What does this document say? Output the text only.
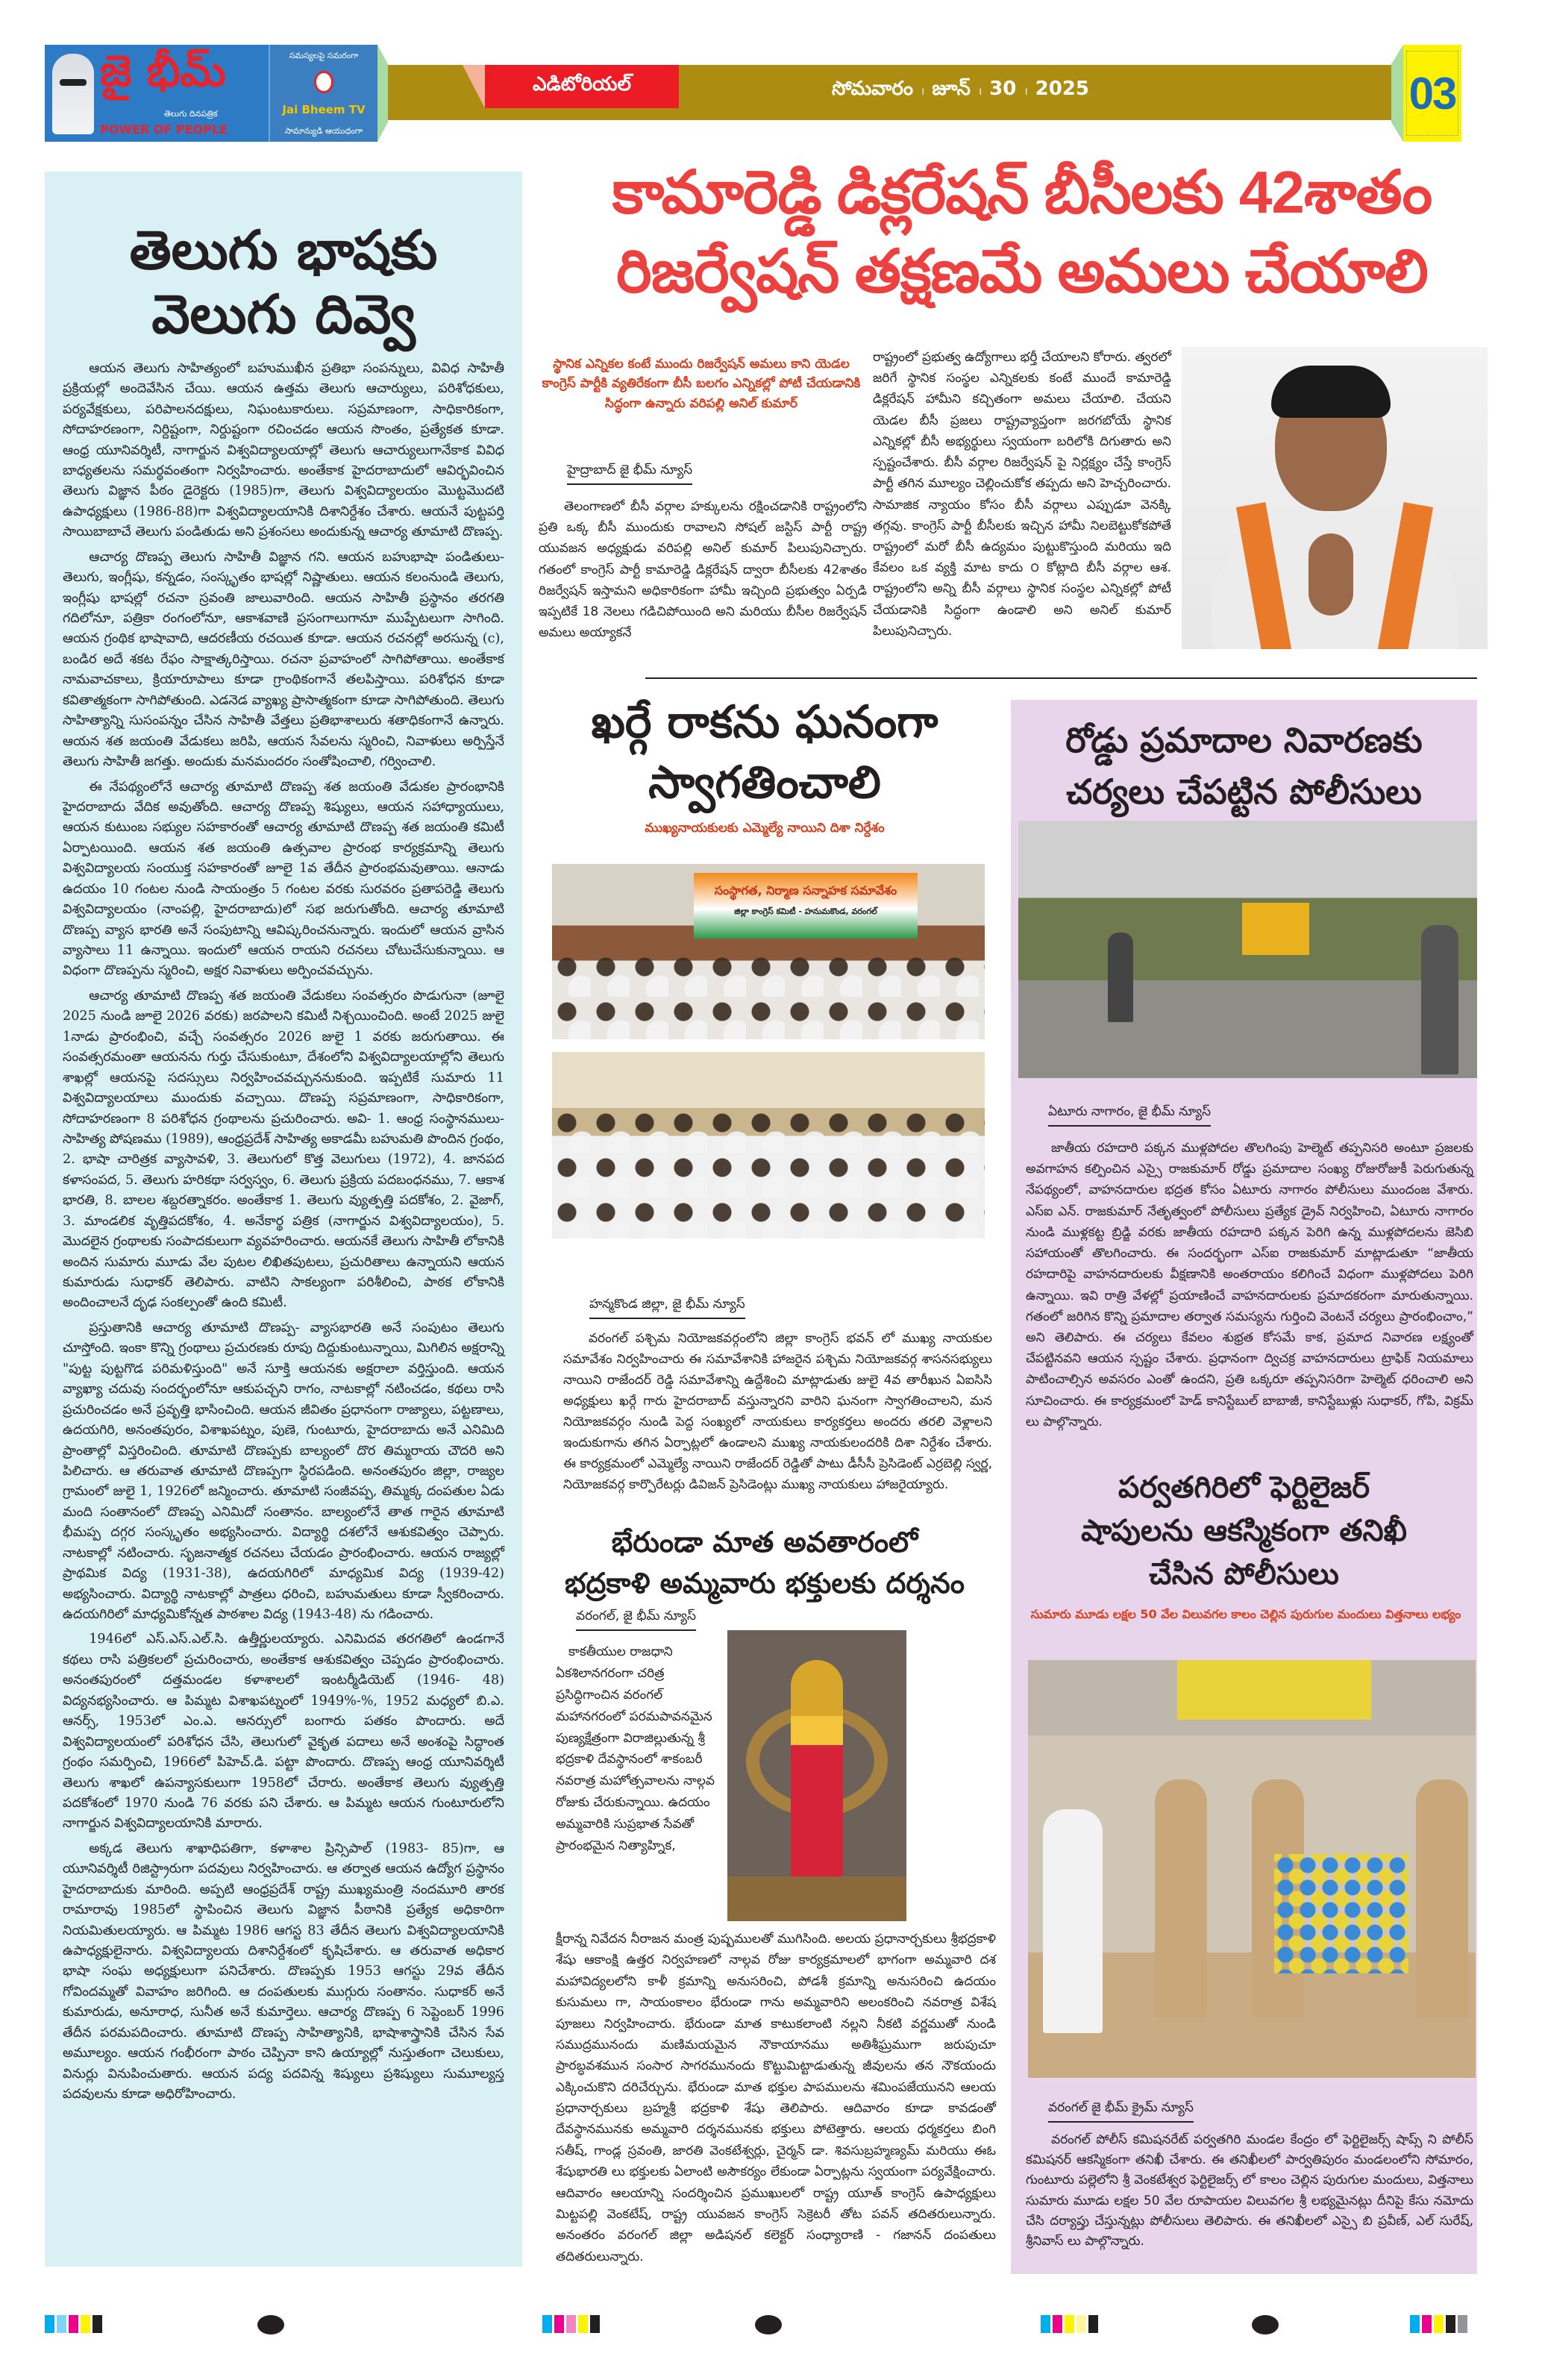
జై భీమ్
తెలుగు దినపత్రిక
POWER OF PEOPLE
సమస్యలపై సమరంగా
Jai Bheem TV
సామాన్యుడి ఆయుధంగా
ఎడిటోరియల్	సోమవారం । జూన్ । 30 । 2025	03
తెలుగు భాషకు
వెలుగు దివ్వె

ఆయన తెలుగు సాహిత్యంలో బహుముఖీన ప్రతిభా సంపన్నులు, వివిధ సాహితీ ప్రక్రియల్లో అందెవేసిన చేయి. ఆయన ఉత్తమ తెలుగు ఆచార్యులు, పరిశోధకులు, పర్యవేక్షకులు, పరిపాలనదక్షులు, నిఘంటుకారులు. సప్రమాణంగా, సాధికారికంగా, సోదాహరణంగా, నిర్దిష్టంగా, నిర్దుష్టంగా రచించడం ఆయన సొంతం, ప్రత్యేకత కూడా. ఆంధ్ర యూనివర్శిటీ, నాగార్జున విశ్వవిద్యాలయాల్లో తెలుగు ఆచార్యులుగానేకాక వివిధ బాధ్యతలను సమర్థవంతంగా నిర్వహించారు. అంతేకాక హైదరాబాదులో ఆవిర్భవించిన తెలుగు విజ్ఞాన పీఠం డైరెక్టరు (1985)గా, తెలుగు విశ్వవిద్యాలయం మొట్టమొదటి ఉపాధ్యక్షులు (1986-88)గా విశ్వవిద్యాలయానికి దిశానిర్దేశం చేశారు. ఆయనే పుట్టపర్తి సాయిబాబాచే తెలుగు పండితుడు అని ప్రశంసలు అందుకున్న ఆచార్య తూమాటి దొణప్ప.

ఆచార్య దొణప్ప తెలుగు సాహితీ విజ్ఞాన గని. ఆయన బహుభాషా పండితులు- తెలుగు, ఇంగ్లీషు, కన్నడం, సంస్కృతం భాషల్లో నిష్ణాతులు. ఆయన కలంనుండి తెలుగు, ఇంగ్లీషు భాషల్లో రచనా స్రవంతి జాలువారింది. ఆయన సాహితీ ప్రస్థానం తరగతి గదిలోనూ, పత్రికా రంగంలోనూ, ఆకాశవాణి ప్రసంగాలుగానూ ముప్పేటలుగా సాగింది. ఆయన గ్రంథిక భాషావాది, ఆదరణీయ రచయిత కూడా. ఆయన రచనల్లో అరసున్న (c), బండిర అదే శకట రేఫం సాక్షాత్కరిస్తాయి. రచనా ప్రవాహంలో సాగిపోతాయి. అంతేకాక నామవాచకాలు, క్రియారూపాలు కూడా గ్రాంథికంగానే తలపిస్తాయి. పరిశోధన కూడా కవితాత్మకంగా సాగిపోతుంది. ఎడనెడ వ్యాఖ్య ప్రాసాత్మకంగా కూడా సాగిపోతుంది. తెలుగు సాహిత్యాన్ని సుసంపన్నం చేసిన సాహితీ వేత్తలు ప్రతిభాశాలురు శతాధికంగానే ఉన్నారు. ఆయన శత జయంతి వేడుకలు జరిపి, ఆయన సేవలను స్మరించి, నివాళులు అర్పిస్తేనే తెలుగు సాహితీ జగత్తు. అందుకు మనమందరం సంతోషించాలి, గర్వించాలి.

ఈ నేపథ్యంలోనే ఆచార్య తూమాటి దొణప్ప శత జయంతి వేడుకల ప్రారంభానికి హైదరాబాదు వేదిక అవుతోంది. ఆచార్య దొణప్ప శిష్యులు, ఆయన సహాధ్యాయులు, ఆయన కుటుంబ సభ్యుల సహకారంతో ఆచార్య తూమాటి దొణప్ప శత జయంతి కమిటీ ఏర్పాటయింది. ఆయన శత జయంతి ఉత్సవాల ప్రారంభ కార్యక్రమాన్ని తెలుగు విశ్వవిద్యాలయ సంయుక్త సహకారంతో జూలై 1వ తేదీన ప్రారంభమవుతాయి. ఆనాడు ఉదయం 10 గంటల నుండి సాయంత్రం 5 గంటల వరకు సురవరం ప్రతాపరెడ్డి తెలుగు విశ్వవిద్యాలయం (నాంపల్లి, హైదరాబాదు)లో సభ జరుగుతోంది. ఆచార్య తూమాటి దొణప్ప వ్యాస భారతి అనే సంపుటాన్ని ఆవిష్కరించనున్నారు. ఇందులో ఆయన వ్రాసిన వ్యాసాలు 11 ఉన్నాయి. ఇందులో ఆయన రాయని రచనలు చోటుచేసుకున్నాయి. ఆ విధంగా దొణప్పను స్మరించి, అక్షర నివాళులు అర్పించవచ్చును.

ఆచార్య తూమాటి దొణప్ప శత జయంతి వేడుకలు సంవత్సరం పొడుగునా (జూలై 2025 నుండి జూలై 2026 వరకు) జరపాలని కమిటీ నిశ్చయించింది. అంటే 2025 జులై 1నాడు ప్రారంభించి, వచ్చే సంవత్సరం 2026 జులై 1 వరకు జరుగుతాయి. ఈ సంవత్సరమంతా ఆయనను గుర్తు చేసుకుంటూ, దేశంలోని విశ్వవిద్యాలయాల్లోని తెలుగు శాఖల్లో ఆయనపై సదస్సులు నిర్వహించవచ్చుననుకుంది. ఇప్పటికే సుమారు 11 విశ్వవిద్యాలయాలు ముందుకు వచ్చాయి. దొణప్ప సప్రమాణంగా, సాధికారికంగా, సోదాహరణంగా 8 పరిశోధన గ్రంథాలను ప్రచురించారు. అవి- 1. ఆంధ్ర సంస్థానములు-సాహిత్య పోషణము (1989), ఆంధ్రప్రదేశ్ సాహిత్య అకాడమీ బహుమతి పొందిన గ్రంథం, 2. భాషా చారిత్రక వ్యాసావళి, 3. తెలుగులో కొత్త వెలుగులు (1972), 4. జానపద కళాసంపద, 5. తెలుగు హరికథా సర్వస్వం, 6. తెలుగు ప్రక్రియ పదబంధనము, 7. ఆకాశ భారతి, 8. బాలల శబ్దరత్నాకరం. అంతేకాక 1. తెలుగు వ్యుత్పత్తి పదకోశం, 2. వైజాగ్, 3. మాండలిక వృత్తిపదకోశం, 4. అనేకార్థ పత్రిక (నాగార్జున విశ్వవిద్యాలయం), 5. మొదలైన గ్రంథాలకు సంపాదకులుగా వ్యవహరించారు. ఆయనకే తెలుగు సాహితీ లోకానికి అందిన సుమారు మూడు వేల పుటల లిఖితపుటలు, ప్రచురితాలు ఉన్నాయని ఆయన కుమారుడు సుధాకర్ తెలిపారు. వాటిని సాకల్యంగా పరిశీలించి, పాఠక లోకానికి అందించాలనే దృఢ సంకల్పంతో ఉంది కమిటీ.

ప్రస్తుతానికి ఆచార్య తూమాటి దొణప్ప- వ్యాసభారతి అనే సంపుటం తెలుగు చూస్తోంది. ఇంకా కొన్ని గ్రంథాలు ప్రచురణకు రూపు దిద్దుకుంటున్నాయి, మిగిలిన అక్షరాన్ని "పుట్ట పుట్టగొడ పరిమళిస్తుంది" అనే సూక్తి ఆయనకు అక్షరాలా వర్తిస్తుంది. ఆయన వ్యాఖ్యా చదువు సందర్భంలోనూ ఆకుపచ్చని రాగం, నాటకాల్లో నటించడం, కథలు రాసి ప్రచురించడం అనే ప్రవృత్తి భాసించింది. ఆయన జీవితం ప్రధానంగా రాజ్యాలు, పట్టణాలు, ఉదయగిరి, అనంతపురం, విశాఖపట్నం, పుణె, గుంటూరు, హైదరాబాదు అనే ఎనిమిది ప్రాంతాల్లో విస్తరించింది. తూమాటి దొణప్పకు బాల్యంలో దొర తిమ్మరాయ చౌదరి అని పిలిచారు. ఆ తరువాత తూమాటి దొణప్పగా స్థిరపడింది. అనంతపురం జిల్లా, రాజ్యల గ్రామంలో జులై 1, 1926లో జన్మించారు. తూమాటి సంజీవప్ప, తిమ్మక్క దంపతుల ఏడు మంది సంతానంలో దొణప్ప ఎనిమిదో సంతానం. బాల్యంలోనే తాత గారైన తూమాటి భీమప్ప దగ్గర సంస్కృతం అభ్యసించారు. విద్యార్థి దశలోనే ఆశుకవిత్వం చెప్పారు. నాటకాల్లో నటించారు. సృజనాత్మక రచనలు చేయడం ప్రారంభించారు. ఆయన రాజ్యల్లో ప్రాథమిక విద్య (1931-38), ఉదయగిరిలో మాధ్యమిక విద్య (1939-42) అభ్యసించారు. విద్యార్థి నాటకాల్లో పాత్రలు ధరించి, బహుమతులు కూడా స్వీకరించారు. ఉదయగిరిలో మాధ్యమికోన్నత పాఠశాల విద్య (1943-48) ను గడించారు.

1946లో ఎస్.ఎస్.ఎల్.సి. ఉత్తీర్ణులయ్యారు. ఎనిమిదవ తరగతిలో ఉండగానే కథలు రాసి పత్రికలలో ప్రచురించారు, అంతేకాక ఆశుకవిత్వం చెప్పడం ప్రారంభించారు. అనంతపురంలో దత్తమండల కళాశాలలో ఇంటర్మీడియెట్ (1946- 48) విద్యనభ్యసించారు. ఆ పిమ్మట విశాఖపట్నంలో 1949%-%, 1952 మధ్యలో బి.ఎ. ఆనర్స్, 1953లో ఎం.ఎ. ఆనర్సులో బంగారు పతకం పొందారు. అదే విశ్వవిద్యాలయంలో పరిశోధన చేసి, తెలుగులో వైకృత పదాలు అనే అంశంపై సిద్ధాంత గ్రంథం సమర్పించి, 1966లో పిహెచ్.డి. పట్టా పొందారు. దొణప్ప ఆంధ్ర యూనివర్శిటీ తెలుగు శాఖలో ఉపన్యాసకులుగా 1958లో చేరారు. అంతేకాక తెలుగు వ్యుత్పత్తి పదకోశంలో 1970 నుండి 76 వరకు పని చేశారు. ఆ పిమ్మట ఆయన గుంటూరులోని నాగార్జున విశ్వవిద్యాలయానికి మారారు.

అక్కడ తెలుగు శాఖాధిపతిగా, కళాశాల ప్రిన్సిపాల్ (1983- 85)గా, ఆ యూనివర్శిటీ రిజిస్ట్రారుగా పదవులు నిర్వహించారు. ఆ తర్వాత ఆయన ఉద్యోగ ప్రస్థానం హైదరాబాదుకు మారింది. అప్పటి ఆంధ్రప్రదేశ్ రాష్ట్ర ముఖ్యమంత్రి నందమూరి తారక రామారావు 1985లో స్థాపించిన తెలుగు విజ్ఞాన పీఠానికి ప్రత్యేక అధికారిగా నియమితులయ్యారు. ఆ పిమ్మట 1986 ఆగస్ట 83 తేదీన తెలుగు విశ్వవిద్యాలయానికి ఉపాధ్యక్షులైనారు. విశ్వవిద్యాలయ దిశానిర్దేశంలో కృషిచేశారు. ఆ తరువాత అధికార భాషా సంఘ అధ్యక్షులుగా పనిచేశారు. దొణప్పకు 1953 ఆగస్టు 29వ తేదీన గోవిందమ్మతో వివాహం జరిగింది. ఆ దంపతులకు ముగ్గురు సంతానం. సుధాకర్ అనే కుమారుడు, అనూరాధ, సునీత అనే కుమార్తెలు. ఆచార్య దొణప్ప 6 సెప్టెంబర్ 1996 తేదీన పరమపదించారు. తూమాటి దొణప్ప సాహిత్యానికి, భాషాశాస్త్రానికి చేసిన సేవ అమూల్యం. ఆయన గంభీరంగా పాఠం చెప్పినా కాని ఉయ్యాల్లో నుస్తుతంగా చెలుకులు, వినుర్లు వినుపించుతారు. ఆయన పద్య పదవిన్న శిష్యులు ప్రశిష్యులు సుమూల్యస్త పదవులను కూడా అధిరోహించారు.

కామారెడ్డి డిక్లరేషన్ బీసీలకు 42శాతం
రిజర్వేషన్ తక్షణమే అమలు చేయాలి
స్థానిక ఎన్నికల కంటే ముందు రిజర్వేషన్ అమలు కాని యెడల కాంగ్రెస్ పార్టీకి వ్యతిరేకంగా బీసీ బలగం ఎన్నికల్లో పోటీ చేయడానికి సిద్ధంగా ఉన్నారు వరిపల్లి అనిల్ కుమార్
హైద్రాబాద్ జై భీమ్ న్యూస్

తెలంగాణలో బీసీ వర్గాల హక్కులను రక్షించడానికి రాష్ట్రంలోని ప్రతి ఒక్క బీసీ ముందుకు రావాలని సోషల్ జస్టిస్ పార్టీ రాష్ట్ర యువజన అధ్యక్షుడు వరిపల్లి అనిల్ కుమార్ పిలుపునిచ్చారు. గతంలో కాంగ్రెస్ పార్టీ కామారెడ్డి డిక్లరేషన్ ద్వారా బీసీలకు 42శాతం రిజర్వేషన్ ఇస్తామని అధికారికంగా హామీ ఇచ్చింది ప్రభుత్వం ఏర్పడి ఇప్పటికే 18 నెలలు గడిచిపోయింది అని మరియు బీసీల రిజర్వేషన్ అమలు అయ్యాకనే

రాష్ట్రంలో ప్రభుత్వ ఉద్యోగాలు భర్తీ చేయాలని కోరారు. త్వరలో జరిగే స్థానిక సంస్థల ఎన్నికలకు కంటే ముందే కామారెడ్డి డిక్లరేషన్ హామీని కచ్చితంగా అమలు చేయాలి. చేయని యెడల బీసీ ప్రజలు రాష్ట్రవ్యాప్తంగా జరగబోయే స్థానిక ఎన్నికల్లో బీసీ అభ్యర్థులు స్వయంగా బరిలోకి దిగుతారు అని స్పష్టంచేశారు. బీసీ వర్గాల రిజర్వేషన్ పై నిర్లక్ష్యం చేస్తే కాంగ్రెస్ పార్టీ తగిన మూల్యం చెల్లించుకోక తప్పదు అని హెచ్చరించారు. సామాజిక న్యాయం కోసం బీసీ వర్గాలు ఎప్పుడూ వెనక్కి తగ్గవు. కాంగ్రెస్ పార్టీ బీసీలకు ఇచ్చిన హామీ నిలబెట్టుకోకపోతే రాష్ట్రంలో మరో బీసీ ఉద్యమం పుట్టుకొస్తుంది మరియు ఇది కేవలం ఒక వ్యక్తి మాట కాదు ౦ కోట్లాది బీసీ వర్గాల ఆశ. రాష్ట్రంలోని అన్ని బీసీ వర్గాలు స్థానిక సంస్థల ఎన్నికల్లో పోటీ చేయడానికి సిద్ధంగా ఉండాలి అని అనిల్ కుమార్ పిలుపునిచ్చారు.
ఖర్గే రాకను ఘనంగా
స్వాగతించాలి
ముఖ్యనాయకులకు ఎమ్మెల్యే నాయిని దిశా నిర్దేశం
సంస్థాగత, నిర్మాణ సన్నాహక సమావేశం
జిల్లా కాంగ్రెస్ కమిటీ - హనుమకొండ, వరంగల్
హన్మకొండ జిల్లా, జై భీమ్ న్యూస్

వరంగల్ పశ్చిమ నియోజకవర్గంలోని జిల్లా కాంగ్రెస్ భవన్ లో ముఖ్య నాయకుల సమావేశం నిర్వహించారు ఈ సమావేశానికి హాజరైన పశ్చిమ నియోజకవర్గ శాసనసభ్యులు నాయిని రాజేందర్ రెడ్డి సమావేశాన్ని ఉద్దేశించి మాట్లాడుతు జులై 4వ తారీఖున ఏఐసిసి అధ్యక్షులు ఖర్గే గారు హైదరాబాద్ వస్తున్నారని వారిని ఘనంగా స్వాగతించాలని, మన నియోజకవర్గం నుండి పెద్ద సంఖ్యలో నాయకులు కార్యకర్తలు అందరు తరలి వెళ్లాలని ఇందుకుగాను తగిన ఏర్పాట్లలో ఉండాలని ముఖ్య నాయకులందరికి దిశా నిర్దేశం చేశారు. ఈ కార్యక్రమంలో ఎమ్మెల్యే నాయిని రాజేందర్ రెడ్డితో పాటు డీసీసీ ప్రెసిడెంట్ ఎర్రబెల్లి స్వర్ణ, నియోజకవర్గ కార్పొరేటర్లు డివిజన్ ప్రెసిడెంట్లు ముఖ్య నాయకులు హాజరైయ్యారు.

భేరుండా మాత అవతారంలో
భద్రకాళి అమ్మవారు భక్తులకు దర్శనం
వరంగల్, జై భీమ్ న్యూస్

కాకతీయుల రాజధాని ఏకశిలానగరంగా చరిత్ర ప్రసిద్ధిగాంచిన వరంగల్ మహానగరంలో పరమపావనమైన పుణ్యక్షేత్రంగా విరాజిల్లుతున్న శ్రీ భద్రకాళి దేవస్థానంలో శాకంబరీ నవరాత్ర మహోత్సవాలను నాల్గవ రోజుకు చేరుకున్నాయి. ఉదయం అమ్మవారికి సుప్రభాత సేవతో ప్రారంభమైన నిత్యాహ్నిక,

క్షీరాన్న నివేదన నీరాజన మంత్ర పుష్పములతో ముగిసింది. అలయ ప్రధానార్చకులు శ్రీభద్రకాళి శేషు ఆకాంక్షి ఉత్తర నిర్వహణలో నాల్గవ రోజు కార్యక్రమాలలో భాగంగా అమ్మవారి దశ మహావిద్యలలోని కాళీ క్రమాన్ని అనుసరించి, పోడశీ క్రమాన్ని అనుసరించి ఉదయం కుసుమలు గా, సాయంకాలం భేరుండా గాను అమ్మవారిని అలంకరించి నవరాత్ర విశేష పూజలు నిర్వహించారు. భేరుండా మాత కాటుకలాంటి నల్లని నీకటి వర్ణముతో నుండి సముద్రమునందు మణిమయమైన నౌకాయానము అతిశీఘ్రముగా జరుపుచూ ప్రారబ్ధవశమున సంసార సాగరమునందు కొట్టుమిట్టాడుతున్న జీవులను తన నౌకయందు ఎక్కించుకొని దరిచేర్చును. భేరుండా మాత భక్తుల పాపములను శమింపజేయునని ఆలయ ప్రధానార్చకులు బ్రహ్మశ్రీ భద్రకాళి శేషు తెలిపారు. ఆదివారం కూడా కావడంతో దేవస్థానమునకు అమ్మవారి దర్శనమునకు భక్తులు పోటెత్తారు. ఆలయ ధర్మకర్తలు బింగి సతీష్, గాండ్ల స్రవంతి, జారతి వెంకటేశ్వర్లు, చైర్మన్ డా. శివసుబ్రహ్మణ్యమ్ మరియు ఈఓ శేషుభారతి లు భక్తులకు ఏలాంటి అసౌకర్యం లేకుండా ఏర్పాట్లను స్వయంగా పర్యవేక్షించారు. ఆదివారం ఆలయాన్ని సందర్శించిన ప్రముఖులలో రాష్ట్ర యూత్ కాంగ్రెస్ ఉపాధ్యక్షులు మిట్టపల్లి వెంకటేష్, రాష్ట్ర యువజన కాంగ్రెస్ సెక్రెటరీ తోట పవన్ తదితరులున్నారు. అనంతరం వరంగల్ జిల్లా అడిషనల్ కలెక్టర్ సంధ్యారాణి - గజానన్ దంపతులు తదితరులున్నారు.
రోడ్డు ప్రమాదాల నివారణకు
చర్యలు చేపట్టిన పోలీసులు
ఏటూరు నాగారం, జై భీమ్ న్యూస్

జాతీయ రహదారి పక్కన ముళ్లపోదల తొలగింపు హెల్మెట్ తప్పనిసరి అంటూ ప్రజలకు అవగాహన కల్పించిన ఎస్సై రాజకుమార్ రోడ్డు ప్రమాదాల సంఖ్య రోజురోజుకీ పెరుగుతున్న నేపథ్యంలో, వాహనదారుల భద్రత కోసం ఏటూరు నాగారం పోలీసులు ముందంజ వేశారు. ఎస్ఐ ఎన్. రాజకుమార్ నేతృత్వంలో పోలీసులు ప్రత్యేక డ్రైవ్ నిర్వహించి, ఏటూరు నాగారం నుండి ముళ్లకట్ట బ్రిడ్జి వరకు జాతీయ రహదారి పక్కన పెరిగి ఉన్న ముళ్లపోదలను జెసిబి సహాయంతో తొలగించారు. ఈ సందర్భంగా ఎస్ఐ రాజకుమార్ మాట్లాడుతూ “జాతీయ రహదారిపై వాహనదారులకు వీక్షణానికి అంతరాయం కలిగించే విధంగా ముళ్లపోదలు పెరిగి ఉన్నాయి. ఇవి రాత్రి వేళల్లో ప్రయాణించే వాహనదారులకు ప్రమాదకరంగా మారుతున్నాయి. గతంలో జరిగిన కొన్ని ప్రమాదాల తర్వాత సమస్యను గుర్తించి వెంటనే చర్యలు ప్రారంభించాం,” అని తెలిపారు. ఈ చర్యలు కేవలం శుభ్రత కోసమే కాక, ప్రమాద నివారణ లక్ష్యంతో చేపట్టినవని ఆయన స్పష్టం చేశారు. ప్రధానంగా ద్విచక్ర వాహనదారులు ట్రాఫిక్ నియమాలు పాటించాల్సిన అవసరం ఎంతో ఉందని, ప్రతి ఒక్కరూ తప్పనిసరిగా హెల్మెట్ ధరించాలి అని సూచించారు. ఈ కార్యక్రమంలో హెడ్ కానిస్టేబుల్ బాబాజీ, కానిస్టేబుళ్లు సుధాకర్, గోపి, విక్రమ్ లు పాల్గొన్నారు.

పర్వతగిరిలో ఫెర్టిలైజర్
షాపులను ఆకస్మికంగా తనిఖీ
చేసిన పోలీసులు
సుమారు మూడు లక్షల 50 వేల విలువగల కాలం చెల్లిన పురుగుల మందులు విత్తనాలు లభ్యం
వరంగల్ జై భీమ్ క్రైమ్ న్యూస్

వరంగల్ పోలీస్ కమిషనరేట్ పర్వతగిరి మండల కేంద్రం లో ఫెర్టిలైజర్స్ షాప్స్ ని పోలీస్ కమిషనర్ ఆకస్మికంగా తనిఖీ చేశారు. ఈ తనిఖీలలో పార్వతిపురం మండలంలోని సోమారం, గుంటూరు పల్లెలోని శ్రీ వెంకటేశ్వర ఫెర్టిలైజర్స్ లో కాలం చెల్లిన పురుగుల మందులు, విత్తనాలు సుమారు మూడు లక్షల 50 వేల రూపాయల విలువగల శ్రీ లభ్యమైనట్లు దీనిపై కేసు నమోదు చేసి దర్యాప్తు చేస్తున్నట్లు పోలీసులు తెలిపారు. ఈ తనిఖీలలో ఎస్సై బి ప్రవీణ్, ఎల్ సురేష్, శ్రీనివాస్ లు పాల్గొన్నారు.
